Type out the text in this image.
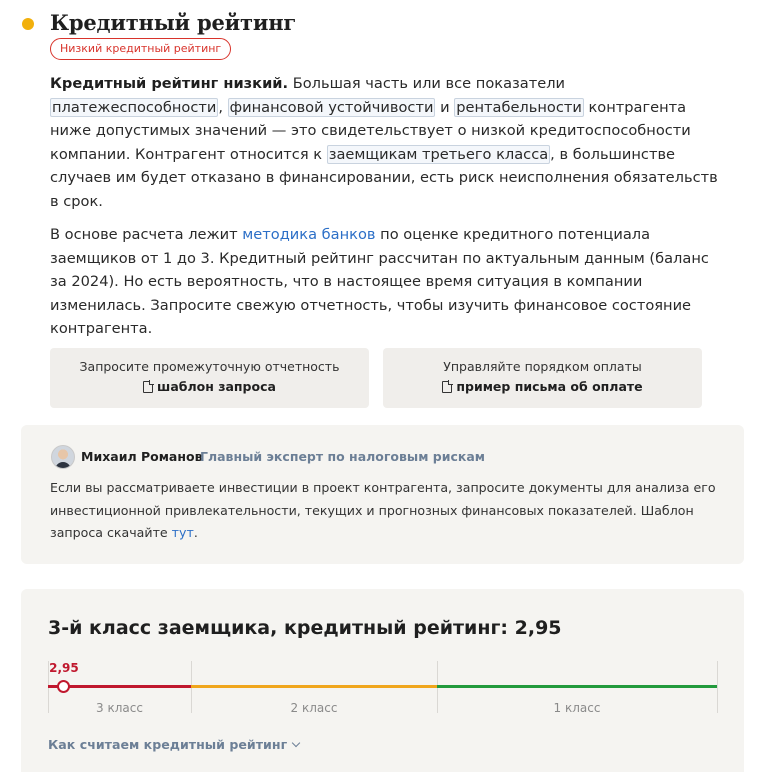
Кредитный рейтинг
Низкий кредитный рейтинг

Кредитный рейтинг низкий. Большая часть или все показатели платежеспособности , финансовой устойчивости и рентабельности контрагента ниже допустимых значений — это свидетельствует о низкой кредитоспособности компании. Контрагент относится к заемщикам третьего класса , в большинстве случаев им будет отказано в финансировании, есть риск неисполнения обязательств в срок.

В основе расчета лежит методика банков по оценке кредитного потенциала заемщиков от 1 до 3. Кредитный рейтинг рассчитан по актуальным данным (баланс за 2024). Но есть вероятность, что в настоящее время ситуация в компании изменилась. Запросите свежую отчетность, чтобы изучить финансовое состояние контрагента.

Запросите промежуточную отчетность
шаблон запроса
Управляйте порядком оплаты
пример письма об оплате
Михаил Романов
Главный эксперт по налоговым рискам

Если вы рассматриваете инвестиции в проект контрагента, запросите документы для анализа его инвестиционной привлекательности, текущих и прогнозных финансовых показателей. Шаблон запроса скачайте тут.

3-й класс заемщика, кредитный рейтинг: 2,95
3 класс	2 класс	1 класс
2,95
Как считаем кредитный рейтинг
